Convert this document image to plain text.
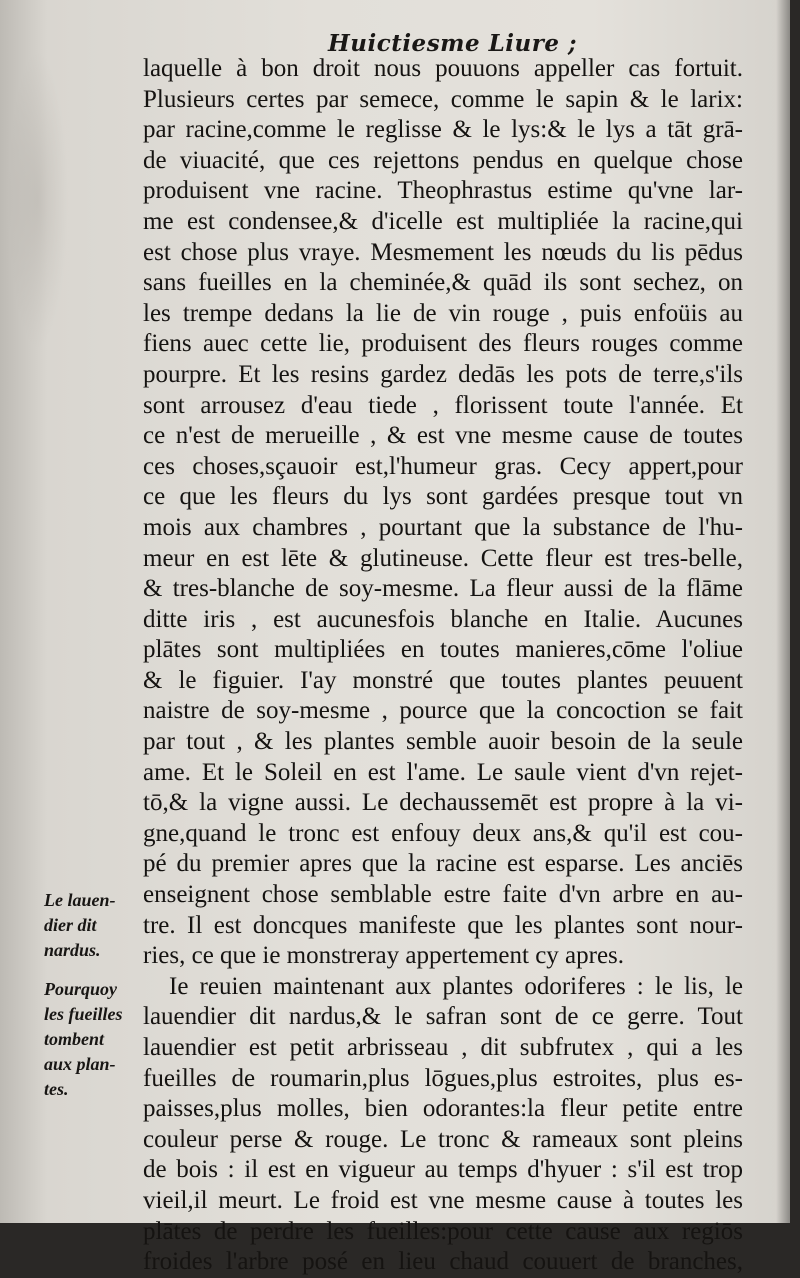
Huictiesme Liure ;
laquelle à bon droit nous pouuons appeller cas fortuit.
Plusieurs certes par semece, comme le sapin & le larix:
par racine,comme le reglisse & le lys:& le lys a tāt grā-
de viuacité, que ces rejettons pendus en quelque chose
produisent vne racine. Theophrastus estime qu'vne lar-
me est condensee,& d'icelle est multipliée la racine,qui
est chose plus vraye. Mesmement les nœuds du lis pēdus
sans fueilles en la cheminée,& quād ils sont sechez, on
les trempe dedans la lie de vin rouge , puis enfoüis au
fiens auec cette lie, produisent des fleurs rouges comme
pourpre. Et les resins gardez dedās les pots de terre,s'ils
sont arrousez d'eau tiede , florissent toute l'année. Et
ce n'est de merueille , & est vne mesme cause de toutes
ces choses,sçauoir est,l'humeur gras. Cecy appert,pour
ce que les fleurs du lys sont gardées presque tout vn
mois aux chambres , pourtant que la substance de l'hu-
meur en est lēte & glutineuse. Cette fleur est tres-belle,
& tres-blanche de soy-mesme. La fleur aussi de la flāme
ditte iris , est aucunesfois blanche en Italie. Aucunes
plātes sont multipliées en toutes manieres,cōme l'oliue
& le figuier. I'ay monstré que toutes plantes peuuent
naistre de soy-mesme , pource que la concoction se fait
par tout , & les plantes semble auoir besoin de la seule
ame. Et le Soleil en est l'ame. Le saule vient d'vn rejet-
tō,& la vigne aussi. Le dechaussemēt est propre à la vi-
gne,quand le tronc est enfouy deux ans,& qu'il est cou-
pé du premier apres que la racine est esparse. Les anciēs
enseignent chose semblable estre faite d'vn arbre en au-
tre. Il est doncques manifeste que les plantes sont nour-
ries, ce que ie monstreray appertement cy apres.
Ie reuien maintenant aux plantes odoriferes : le lis, le
lauendier dit nardus,& le safran sont de ce gerre. Tout
lauendier est petit arbrisseau , dit subfrutex , qui a les
fueilles de roumarin,plus lōgues,plus estroites, plus es-
paisses,plus molles, bien odorantes:la fleur petite entre
couleur perse & rouge. Le tronc & rameaux sont pleins
de bois : il est en vigueur au temps d'hyuer : s'il est trop
vieil,il meurt. Le froid est vne mesme cause à toutes les
plātes de perdre les fueilles:pour cette cause aux regiōs
froides l'arbre posé en lieu chaud couuert de branches,
Le lauen-
dier dit
nardus.
Pourquoy
les fueilles
tombent
aux plan-
tes.
